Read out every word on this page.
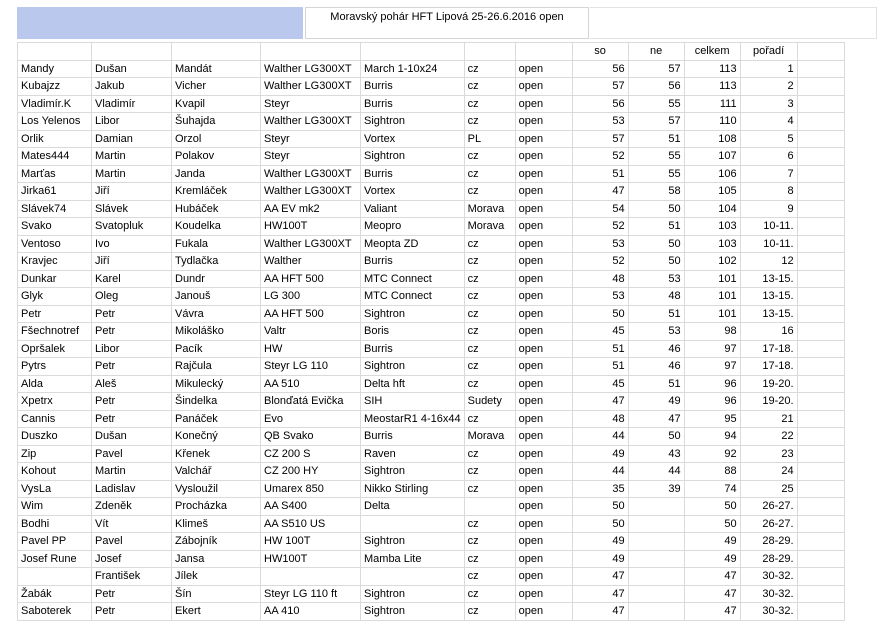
Moravský pohár HFT Lipová 25-26.6.2016 open
							so	ne	celkem	pořadí	
Mandy	Dušan	Mandát	Walther LG300XT	March 1-10x24	cz	open	56	57	113	1	
Kubajzz	Jakub	Vicher	Walther LG300XT	Burris	cz	open	57	56	113	2	
Vladimír.K	Vladimír	Kvapil	Steyr	Burris	cz	open	56	55	111	3	
Los Yelenos	Libor	Šuhajda	Walther LG300XT	Sightron	cz	open	53	57	110	4	
Orlik	Damian	Orzol	Steyr	Vortex	PL	open	57	51	108	5	
Mates444	Martin	Polakov	Steyr	Sightron	cz	open	52	55	107	6	
Marťas	Martin	Janda	Walther LG300XT	Burris	cz	open	51	55	106	7	
Jirka61	Jiří	Kremláček	Walther LG300XT	Vortex	cz	open	47	58	105	8	
Slávek74	Slávek	Hubáček	AA EV mk2	Valiant	Morava	open	54	50	104	9	
Svako	Svatopluk	Koudelka	HW100T	Meopro	Morava	open	52	51	103	10-11.	
Ventoso	Ivo	Fukala	Walther LG300XT	Meopta ZD	cz	open	53	50	103	10-11.	
Kravjec	Jiří	Tydlačka	Walther	Burris	cz	open	52	50	102	12	
Dunkar	Karel	Dundr	AA HFT 500	MTC Connect	cz	open	48	53	101	13-15.	
Glyk	Oleg	Janouš	LG 300	MTC Connect	cz	open	53	48	101	13-15.	
Petr	Petr	Vávra	AA HFT 500	Sightron	cz	open	50	51	101	13-15.	
Fšechnotref	Petr	Mikoláško	Valtr	Boris	cz	open	45	53	98	16	
Opršalek	Libor	Pacík	HW	Burris	cz	open	51	46	97	17-18.	
Pytrs	Petr	Rajčula	Steyr LG 110	Sightron	cz	open	51	46	97	17-18.	
Alda	Aleš	Mikulecký	AA 510	Delta hft	cz	open	45	51	96	19-20.	
Xpetrx	Petr	Šindelka	Blonďatá Evička	SIH	Sudety	open	47	49	96	19-20.	
Cannis	Petr	Panáček	Evo	MeostarR1 4-16x44	cz	open	48	47	95	21	
Duszko	Dušan	Konečný	QB Svako	Burris	Morava	open	44	50	94	22	
Zip	Pavel	Křenek	CZ 200 S	Raven	cz	open	49	43	92	23	
Kohout	Martin	Valchář	CZ 200 HY	Sightron	cz	open	44	44	88	24	
VysLa	Ladislav	Vysloužil	Umarex 850	Nikko Stirling	cz	open	35	39	74	25	
Wim	Zdeněk	Procházka	AA S400	Delta		open	50		50	26-27.	
Bodhi	Vít	Klimeš	AA S510 US		cz	open	50		50	26-27.	
Pavel PP	Pavel	Zábojník	HW 100T	Sightron	cz	open	49		49	28-29.	
Josef Rune	Josef	Jansa	HW100T	Mamba Lite	cz	open	49		49	28-29.	
	František	Jílek			cz	open	47		47	30-32.	
Žabák	Petr	Šín	Steyr LG 110 ft	Sightron	cz	open	47		47	30-32.	
Saboterek	Petr	Ekert	AA 410	Sightron	cz	open	47		47	30-32.	
